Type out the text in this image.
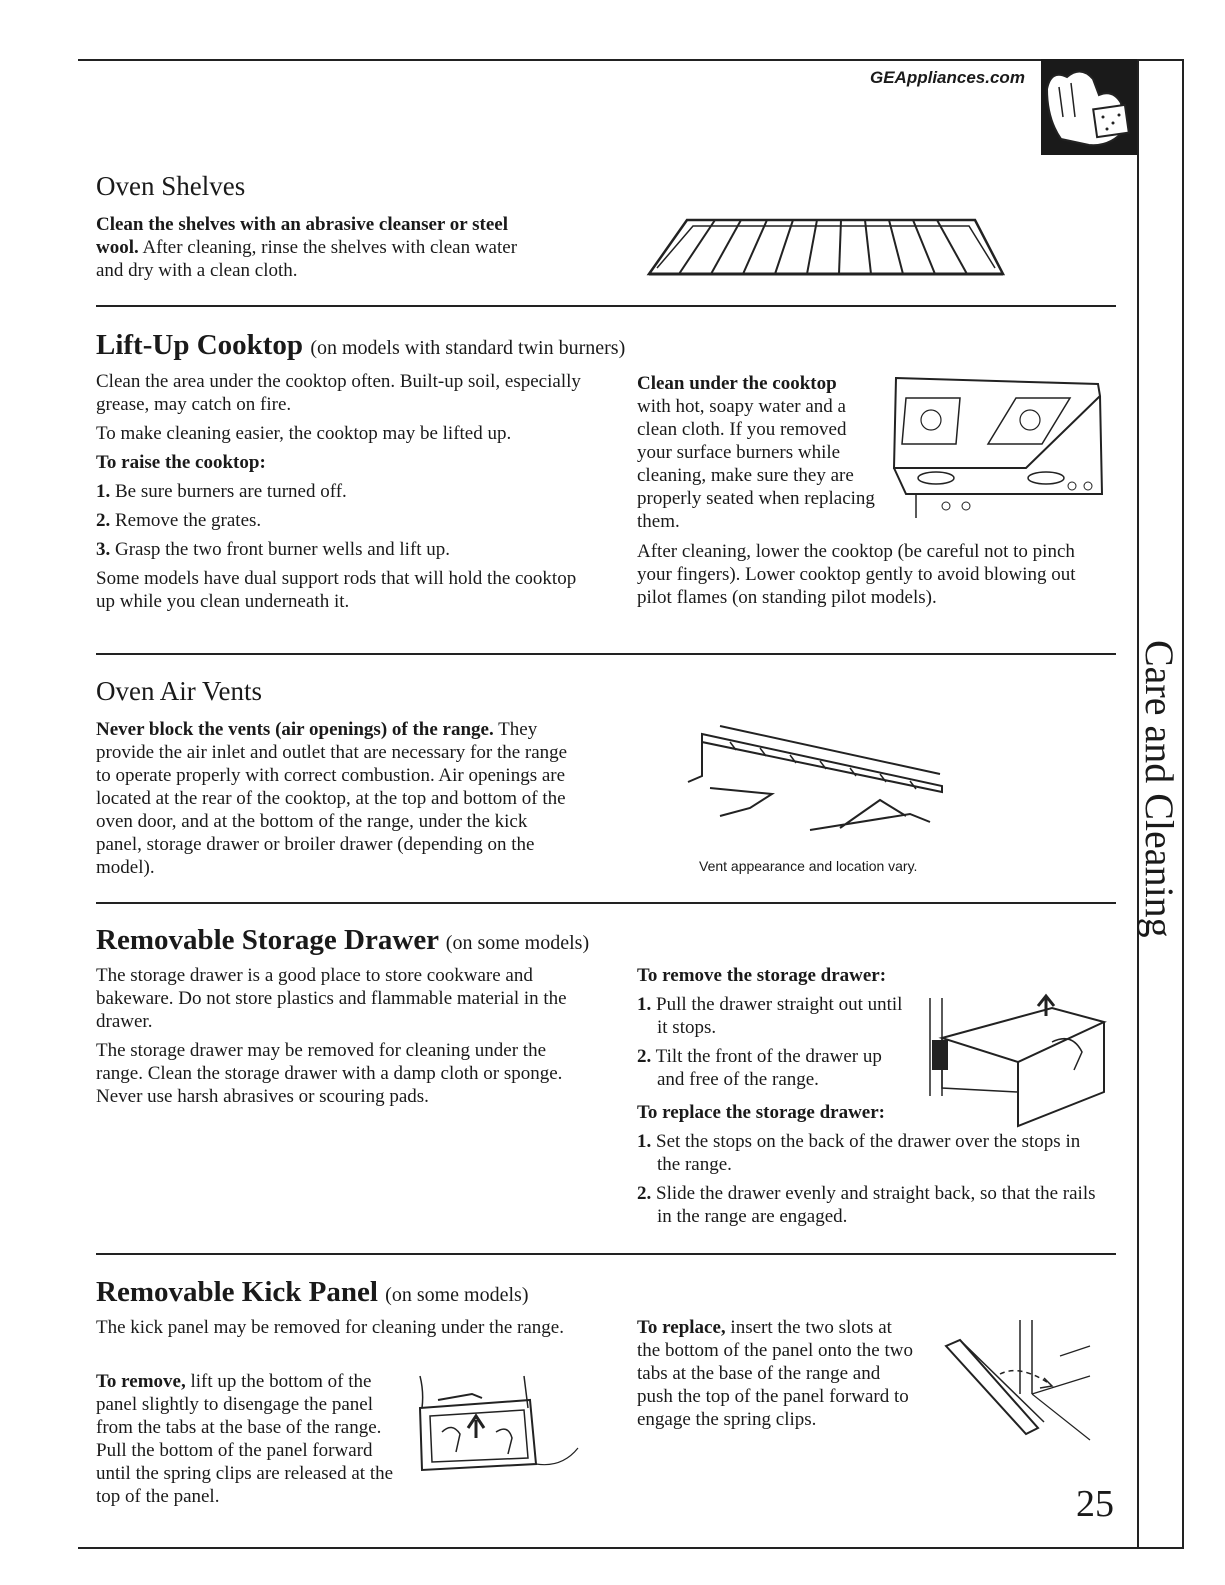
GEAppliances.com
Care and Cleaning
Oven Shelves
Clean the shelves with an abrasive cleanser or steel wool. After cleaning, rinse the shelves with clean water and dry with a clean cloth.
Lift-Up Cooktop (on models with standard twin burners)

Clean the area under the cooktop often. Built-up soil, especially grease, may catch on fire.

To make cleaning easier, the cooktop may be lifted up.

To raise the cooktop:

1. Be sure burners are turned off.
2. Remove the grates.
3. Grasp the two front burner wells and lift up.

Some models have dual support rods that will hold the cooktop up while you clean underneath it.

Clean under the cooktop
with hot, soapy water and a clean cloth. If you removed your surface burners while cleaning, make sure they are properly seated when replacing them.
After cleaning, lower the cooktop (be careful not to pinch your fingers). Lower cooktop gently to avoid blowing out pilot flames (on standing pilot models).
Oven Air Vents
Never block the vents (air openings) of the range. They provide the air inlet and outlet that are necessary for the range to operate properly with correct combustion. Air openings are located at the rear of the cooktop, at the top and bottom of the oven door, and at the bottom of the range, under the kick panel, storage drawer or broiler drawer (depending on the model).	Vent appearance and location vary.
Removable Storage Drawer (on some models)

The storage drawer is a good place to store cookware and bakeware. Do not store plastics and flammable material in the drawer.

The storage drawer may be removed for cleaning under the range. Clean the storage drawer with a damp cloth or sponge. Never use harsh abrasives or scouring pads.

To remove the storage drawer:

1. Pull the drawer straight out until it stops.
2. Tilt the front of the drawer up and free of the range.

To replace the storage drawer:

1. Set the stops on the back of the drawer over the stops in the range.
2. Slide the drawer evenly and straight back, so that the rails in the range are engaged.
Removable Kick Panel (on some models)
The kick panel may be removed for cleaning under the range.
To remove, lift up the bottom of the panel slightly to disengage the panel from the tabs at the base of the range. Pull the bottom of the panel forward until the spring clips are released at the top of the panel.
To replace, insert the two slots at the bottom of the panel onto the two tabs at the base of the range and push the top of the panel forward to engage the spring clips.
25
